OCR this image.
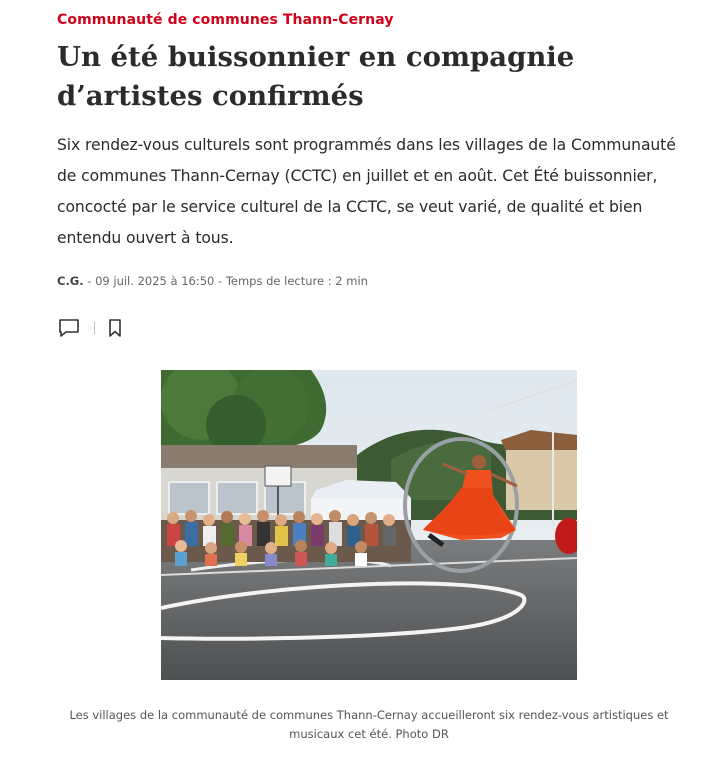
Communauté de communes Thann-Cernay
Un été buissonnier en compagnie d’artistes confirmés

Six rendez-vous culturels sont programmés dans les villages de la Communauté de communes Thann-Cernay (CCTC) en juillet et en août. Cet Été buissonnier, concocté par le service culturel de la CCTC, se veut varié, de qualité et bien entendu ouvert à tous.

C.G. - 09 juil. 2025 à 16:50 - Temps de lecture : 2 min

Les villages de la communauté de communes Thann-Cernay accueilleront six rendez-vous artistiques et musicaux cet été. Photo DR
